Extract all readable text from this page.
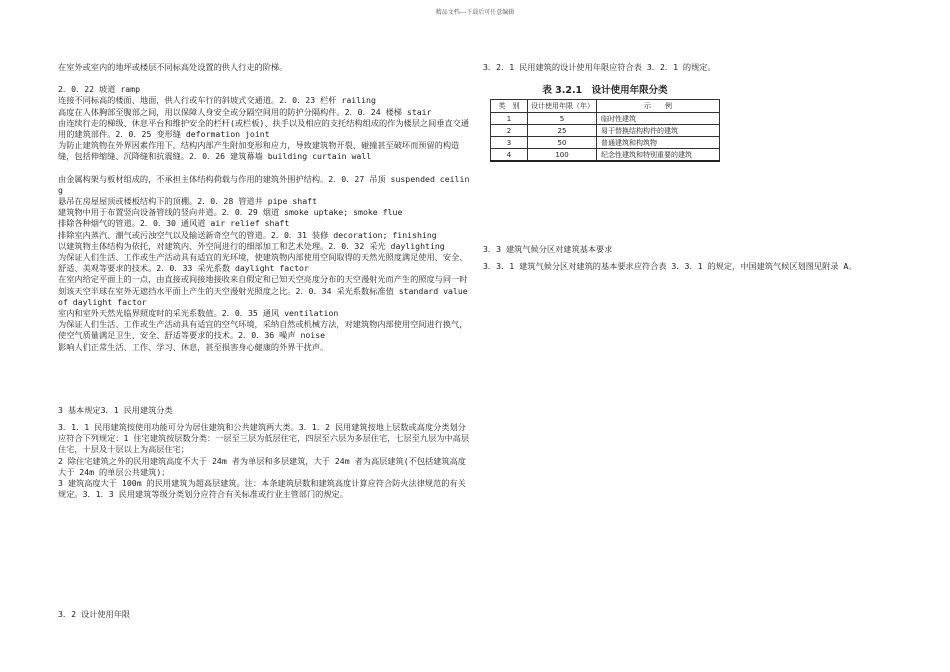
精品文档---下载后可任意编辑

在室外或室内的地坪或楼层不同标高处设置的供人行走的阶梯。

2．0．22 坡道 ramp

连接不同标高的楼面、地面，供人行或车行的斜坡式交通道。2．0．23 栏杆 railing

高度在人体胸部至腹部之间，用以保障人身安全或分隔空间用的防护分隔构件。2．0．24 楼梯 stair

由连续行走的梯级、休息平台和维护安全的栏杆(或栏板)、扶手以及相应的支托结构组成的作为楼层之间垂直交通用的建筑部件。2．0．25 变形缝 deformation joint

为防止建筑物在外界因素作用下，结构内部产生附加变形和应力，导致建筑物开裂、碰撞甚至破坏而预留的构造缝，包括伸缩缝、沉降缝和抗震缝。2．0．26 建筑幕墙 building curtain wall

由金属构架与板材组成的，不承担主体结构荷载与作用的建筑外围护结构。2．0．27 吊顶 suspended ceiling

悬吊在房屋屋顶或楼板结构下的顶棚。2．0．28 管道井 pipe shaft

建筑物中用于布置竖向设备管线的竖向井道。2．0．29 烟道 smoke uptake; smoke flue

排除各种烟气的管道。2．0．30 通风道 air relief shaft

排除室内蒸汽、潮气或污浊空气以及输送新奇空气的管道。2．0．31 装修 decoration; finishing

以建筑物主体结构为依托，对建筑内、外空间进行的细部加工和艺术处理。2．0．32 采光 daylighting

为保证人们生活、工作或生产活动具有适宜的光环境，使建筑物内部使用空间取得的天然光照度满足使用、安全、舒适、美观等要求的技术。2．0．33 采光系数 daylight factor

在室内给定平面上的一点，由直接或间接地接收来自假定和已知天空亮度分布的天空漫射光而产生的照度与同一时刻该天空半球在室外无遮挡水平面上产生的天空漫射光照度之比。2．0．34 采光系数标准值 standard value of daylight factor

室内和室外天然光临界照度时的采光系数值。2．0．35 通风 ventilation

为保证人们生活、工作或生产活动具有适宜的空气环境，采纳自然或机械方法，对建筑物内部使用空间进行换气，使空气质量满足卫生、安全、舒适等要求的技术。2．0．36 噪声 noise

影响人们正常生活、工作、学习、休息，甚至损害身心健康的外界干扰声。

3 基本规定3．1 民用建筑分类

3．1．1 民用建筑按使用功能可分为居住建筑和公共建筑两大类。3．1．2 民用建筑按地上层数或高度分类划分应符合下列规定：1 住宅建筑按层数分类：一层至三层为低层住宅，四层至六层为多层住宅，七层至九层为中高层住宅，十层及十层以上为高层住宅；

2 除住宅建筑之外的民用建筑高度不大于 24m 者为单层和多层建筑，大于 24m 者为高层建筑(不包括建筑高度大于 24m 的单层公共建筑)；

3 建筑高度大于 100m 的民用建筑为超高层建筑。注：本条建筑层数和建筑高度计算应符合防火法律规范的有关规定。3．1．3 民用建筑等级分类划分应符合有关标准或行业主管部门的规定。

3．2 设计使用年限

3．2．1 民用建筑的设计使用年限应符合表 3．2．1 的规定。

表 3.2.1　设计使用年限分类
类　别	设计使用年限（年）	示　　例
1	5	临时性建筑
2	25	易于替换结构构件的建筑
3	50	普通建筑和构筑物
4	100	纪念性建筑和特别重要的建筑

3．3 建筑气候分区对建筑基本要求

3．3．1 建筑气候分区对建筑的基本要求应符合表 3．3．1 的规定，中国建筑气候区划图见附录 A。
